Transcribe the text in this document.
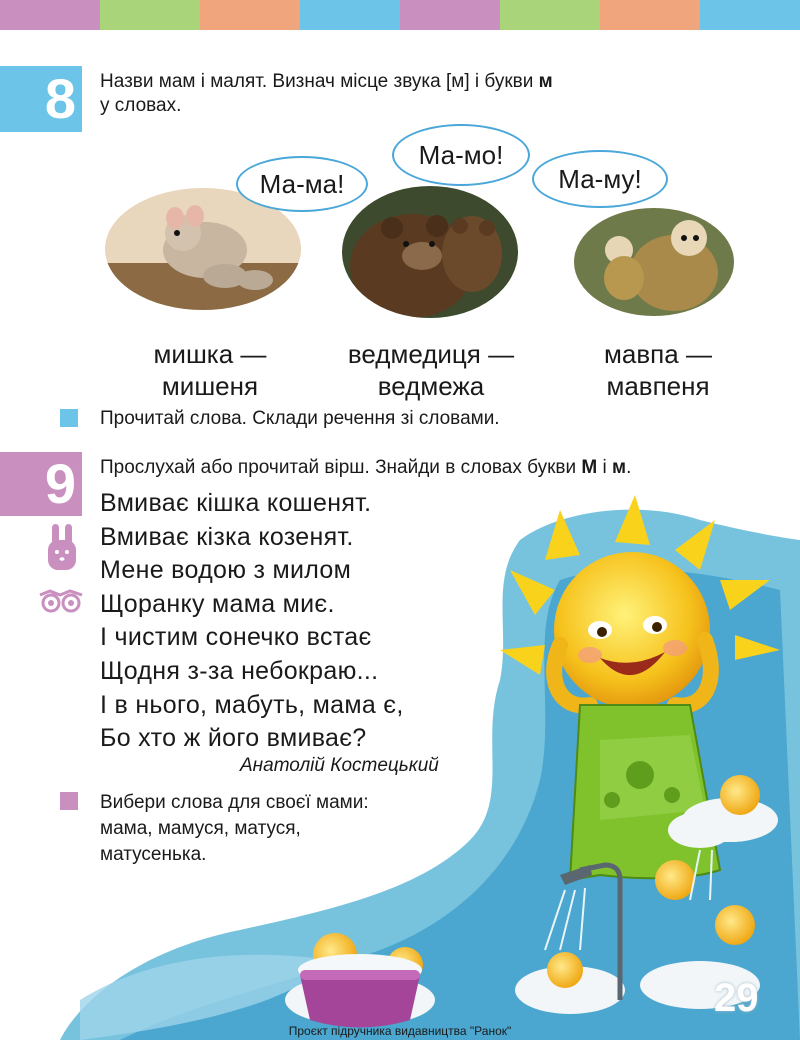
8	Назви мам і малят. Визнач місце звука [м] і букви м
у словах.
Ма-ма!
Ма-мо!
Ма-му!
мишка —
мишеня
ведмедиця —
ведмежа
мавпа —
мавпеня
Прочитай слова. Склади речення зі словами.
9	Прослухай або прочитай вірш. Знайди в словах букви М і м.
Вмиває кішка кошенят.
Вмиває кізка козенят.
Мене водою з милом
Щоранку мама миє.
І чистим сонечко встає
Щодня з-за небокраю...
І в нього, мабуть, мама є,
Бо хто ж його вмиває?
Анатолій Костецький
Вибери слова для своєї мами:
мама, мамуся, матуся,
матусенька.
29
Проєкт підручника видавництва "Ранок"
